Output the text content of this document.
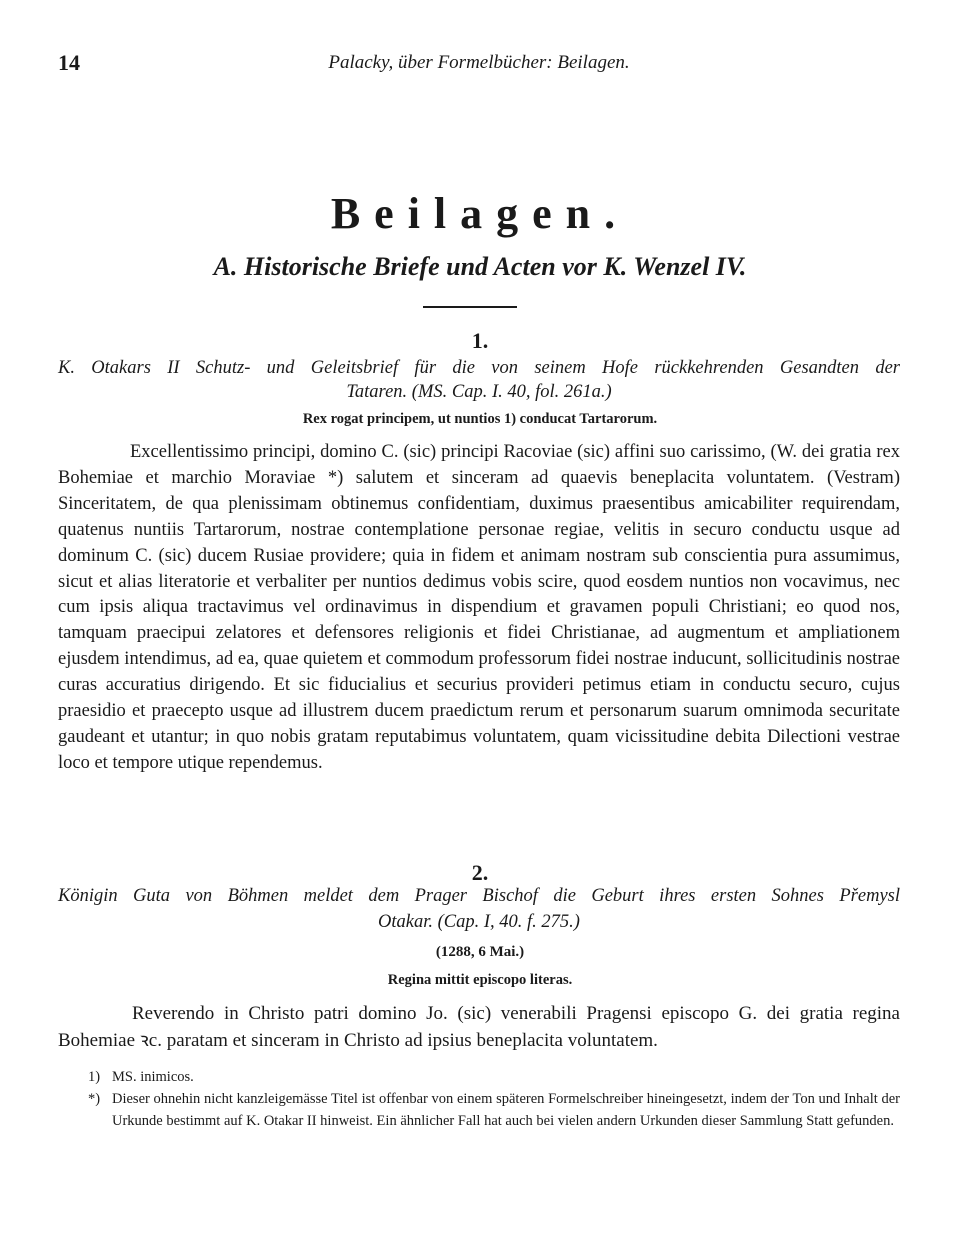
14	Palacky, über Formelbücher: Beilagen.
Beilagen.
A. Historische Briefe und Acten vor K. Wenzel IV.
1.
K. Otakars II Schutz- und Geleitsbrief für die von seinem Hofe rückkehrenden Gesandten der
Tataren. (MS. Cap. I. 40, fol. 261a.)
Rex rogat principem, ut nuntios 1) conducat Tartarorum.

Excellentissimo principi, domino C. (sic) principi Racoviae (sic) affini suo carissimo, (W. dei gratia rex Bohemiae et marchio Moraviae *) salutem et sinceram ad quaevis beneplacita voluntatem. (Vestram) Sinceritatem, de qua plenissimam obtinemus confidentiam, duximus praesentibus amicabiliter requirendam, quatenus nuntiis Tartarorum, nostrae contemplatione personae regiae, velitis in securo conductu usque ad dominum C. (sic) ducem Rusiae providere; quia in fidem et animam nostram sub conscientia pura assumimus, sicut et alias literatorie et verbaliter per nuntios dedimus vobis scire, quod eosdem nuntios non vocavimus, nec cum ipsis aliqua tractavimus vel ordinavimus in dispendium et gravamen populi Christiani; eo quod nos, tamquam praecipui zelatores et defensores religionis et fidei Christianae, ad augmentum et ampliationem ejusdem intendimus, ad ea, quae quietem et commodum professorum fidei nostrae inducunt, sollicitudinis nostrae curas accuratius dirigendo. Et sic fiducialius et securius provideri petimus etiam in conductu securo, cujus praesidio et praecepto usque ad illustrem ducem praedictum rerum et personarum suarum omnimoda securitate gaudeant et utantur; in quo nobis gratam reputabimus voluntatem, quam vicissitudine debita Dilectioni vestrae loco et tempore utique rependemus.

2.
Königin Guta von Böhmen meldet dem Prager Bischof die Geburt ihres ersten Sohnes Přemysl
Otakar. (Cap. I, 40. f. 275.)
(1288, 6 Mai.)
Regina mittit episcopo literas.

Reverendo in Christo patri domino Jo. (sic) venerabili Pragensi episcopo G. dei gratia regina Bohemiae ꝛc. paratam et sinceram in Christo ad ipsius beneplacita voluntatem.

1) MS. inimicos.
*) Dieser ohnehin nicht kanzleigemässe Titel ist offenbar von einem späteren Formelschreiber hineingesetzt, indem der Ton und Inhalt der Urkunde bestimmt auf K. Otakar II hinweist. Ein ähnlicher Fall hat auch bei vielen andern Urkunden dieser Sammlung Statt gefunden.
